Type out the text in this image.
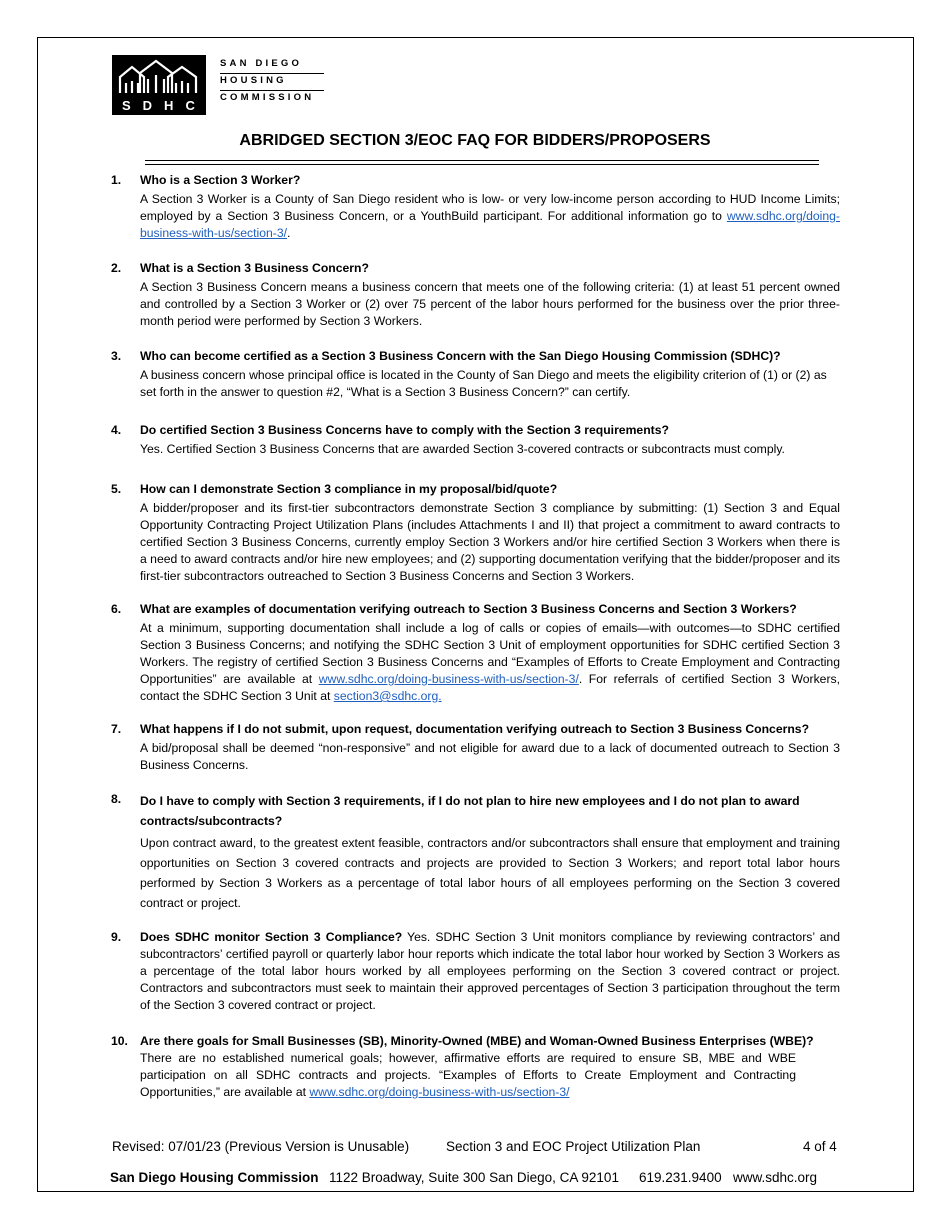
SDHC
SAN DIEGO
HOUSING
COMMISSION
ABRIDGED SECTION 3/EOC FAQ FOR BIDDERS/PROPOSERS
1. Who is a Section 3 Worker?
A Section 3 Worker is a County of San Diego resident who is low- or very low-income person according to HUD Income Limits; employed by a Section 3 Business Concern, or a YouthBuild participant. For additional information go to www.sdhc.org/doing-business-with-us/section-3/.
2. What is a Section 3 Business Concern?
A Section 3 Business Concern means a business concern that meets one of the following criteria: (1) at least 51 percent owned and controlled by a Section 3 Worker or (2) over 75 percent of the labor hours performed for the business over the prior three-month period were performed by Section 3 Workers.
3. Who can become certified as a Section 3 Business Concern with the San Diego Housing Commission (SDHC)?
A business concern whose principal office is located in the County of San Diego and meets the eligibility criterion of (1) or (2) as set forth in the answer to question #2, “What is a Section 3 Business Concern?” can certify.
4. Do certified Section 3 Business Concerns have to comply with the Section 3 requirements?
Yes. Certified Section 3 Business Concerns that are awarded Section 3-covered contracts or subcontracts must comply.
5. How can I demonstrate Section 3 compliance in my proposal/bid/quote?
A bidder/proposer and its first-tier subcontractors demonstrate Section 3 compliance by submitting: (1) Section 3 and Equal Opportunity Contracting Project Utilization Plans (includes Attachments I and II) that project a commitment to award contracts to certified Section 3 Business Concerns, currently employ Section 3 Workers and/or hire certified Section 3 Workers when there is a need to award contracts and/or hire new employees; and (2) supporting documentation verifying that the bidder/proposer and its first-tier subcontractors outreached to Section 3 Business Concerns and Section 3 Workers.
6. What are examples of documentation verifying outreach to Section 3 Business Concerns and Section 3 Workers?
At a minimum, supporting documentation shall include a log of calls or copies of emails—with outcomes—to SDHC certified Section 3 Business Concerns; and notifying the SDHC Section 3 Unit of employment opportunities for SDHC certified Section 3 Workers. The registry of certified Section 3 Business Concerns and “Examples of Efforts to Create Employment and Contracting Opportunities” are available at www.sdhc.org/doing-business-with-us/section-3/. For referrals of certified Section 3 Workers, contact the SDHC Section 3 Unit at section3@sdhc.org.
7. What happens if I do not submit, upon request, documentation verifying outreach to Section 3 Business Concerns?
A bid/proposal shall be deemed “non-responsive” and not eligible for award due to a lack of documented outreach to Section 3 Business Concerns.
8. Do I have to comply with Section 3 requirements, if I do not plan to hire new employees and I do not plan to award contracts/subcontracts?
Upon contract award, to the greatest extent feasible, contractors and/or subcontractors shall ensure that employment and training opportunities on Section 3 covered contracts and projects are provided to Section 3 Workers; and report total labor hours performed by Section 3 Workers as a percentage of total labor hours of all employees performing on the Section 3 covered contract or project.
9. Does SDHC monitor Section 3 Compliance? Yes. SDHC Section 3 Unit monitors compliance by reviewing contractors’ and subcontractors’ certified payroll or quarterly labor hour reports which indicate the total labor hour worked by Section 3 Workers as a percentage of the total labor hours worked by all employees performing on the Section 3 covered contract or project. Contractors and subcontractors must seek to maintain their approved percentages of Section 3 participation throughout the term of the Section 3 covered contract or project.
10. Are there goals for Small Businesses (SB), Minority-Owned (MBE) and Woman-Owned Business Enterprises (WBE)?
There are no established numerical goals; however, affirmative efforts are required to ensure SB, MBE and WBE participation on all SDHC contracts and projects. “Examples of Efforts to Create Employment and Contracting Opportunities,” are available at www.sdhc.org/doing-business-with-us/section-3/
Revised: 07/01/23 (Previous Version is Unusable)	Section 3 and EOC Project Utilization Plan	4 of 4
San Diego Housing Commission 1122 Broadway, Suite 300 San Diego, CA 92101 619.231.9400 www.sdhc.org
